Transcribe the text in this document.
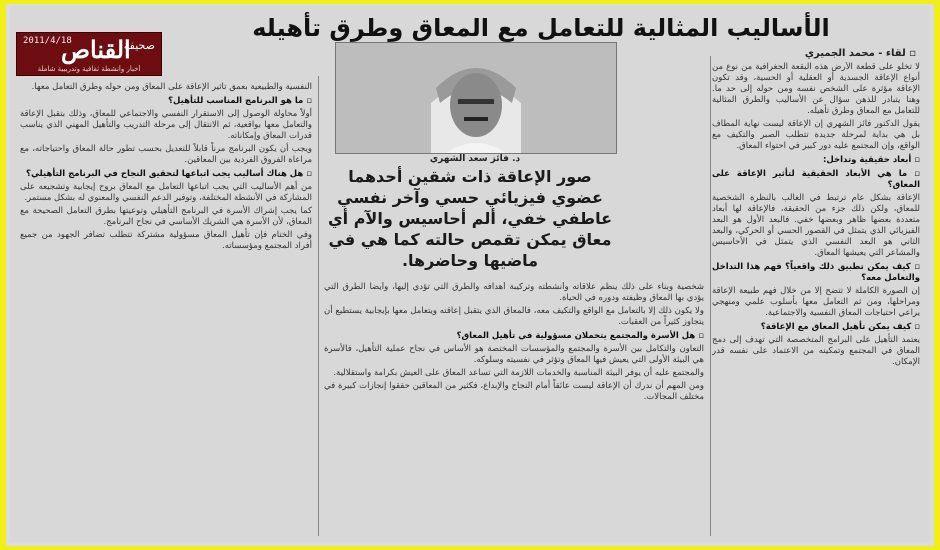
2011/4/18
القناص
صحيفة
أخبار وأنشطة ثقافية وتدريبية شاملة
الأساليب المثالية للتعامل مع المعاق وطرق تأهيله
▫ لقاء - محمد الجميري

لا تخلو على قطعة الأرض هذه البقعة الجغرافية من نوع من أنواع الإعاقة الجسدية أو العقلية أو الحسية، وقد تكون الإعاقة مؤثرة على الشخص نفسه ومن حوله إلى حد ما. وهنا يتبادر للذهن سؤال عن الأساليب والطرق المثالية للتعامل مع المعاق وطرق تأهيله.

يقول الدكتور فائز الشهري إن الإعاقة ليست نهاية المطاف بل هي بداية لمرحلة جديدة تتطلب الصبر والتكيف مع الواقع، وإن المجتمع عليه دور كبير في احتواء المعاق.

▫ أبعاد حقيقية وتداخل:

▫ ما هي الأبعاد الحقيقية لتأثير الإعاقة على المعاق؟

الإعاقة بشكل عام ترتبط في الغالب بالنظرة الشخصية للمعاق، ولكن ذلك جزء من الحقيقة، فالإعاقة لها أبعاد متعددة بعضها ظاهر وبعضها خفي. فالبعد الأول هو البعد الفيزيائي الذي يتمثل في القصور الحسي أو الحركي، والبعد الثاني هو البعد النفسي الذي يتمثل في الأحاسيس والمشاعر التي يعيشها المعاق.

▫ كيف يمكن تطبيق ذلك واقعياً؟ فهم هذا التداخل والتعامل معه؟

إن الصورة الكاملة لا تتضح إلا من خلال فهم طبيعة الإعاقة ومراحلها، ومن ثم التعامل معها بأسلوب علمي ومنهجي يراعي احتياجات المعاق النفسية والاجتماعية.

▫ كيف يمكن تأهيل المعاق مع الإعاقة؟

يعتمد التأهيل على البرامج المتخصصة التي تهدف إلى دمج المعاق في المجتمع وتمكينه من الاعتماد على نفسه قدر الإمكان.

د. فائز سعد الشهري
صور الإعاقة ذات شقين أحدهما عضوي فيزيائي حسي وآخر نفسي عاطفي خفي، ألم أحاسيس والآم أي معاق يمكن تقمص حالته كما هي في ماضيها وحاضرها.

شخصية وبناء على ذلك ينظم علاقاته وأنشطته وتركيبة أهدافه والطرق التي تؤدي إليها، وأيضاً الطرق التي يؤدي بها المعاق وظيفته ودوره في الحياة.

ولا يكون ذلك إلا بالتعامل مع الواقع والتكيف معه، فالمعاق الذي يتقبل إعاقته ويتعامل معها بإيجابية يستطيع أن يتجاوز كثيراً من العقبات.

▫ هل الأسرة والمجتمع يتحملان مسؤولية في تأهيل المعاق؟

التعاون والتكامل بين الأسرة والمجتمع والمؤسسات المختصة هو الأساس في نجاح عملية التأهيل، فالأسرة هي البيئة الأولى التي يعيش فيها المعاق وتؤثر في نفسيته وسلوكه.

والمجتمع عليه أن يوفر البيئة المناسبة والخدمات اللازمة التي تساعد المعاق على العيش بكرامة واستقلالية.

ومن المهم أن ندرك أن الإعاقة ليست عائقاً أمام النجاح والإبداع، فكثير من المعاقين حققوا إنجازات كبيرة في مختلف المجالات.

النفسية والطبيعية بعمق تأثير الإعاقة على المعاق ومن حوله وطرق التعامل معها.

▫ ما هو البرنامج المناسب للتأهيل؟

أولاً محاولة الوصول إلى الاستقرار النفسي والاجتماعي للمعاق، وذلك بتقبل الإعاقة والتعامل معها بواقعية، ثم الانتقال إلى مرحلة التدريب والتأهيل المهني الذي يناسب قدرات المعاق وإمكاناته.

ويجب أن يكون البرنامج مرناً قابلاً للتعديل بحسب تطور حالة المعاق واحتياجاته، مع مراعاة الفروق الفردية بين المعاقين.

▫ هل هناك أساليب يجب اتباعها لتحقيق النجاح في البرنامج التأهيلي؟

من أهم الأساليب التي يجب اتباعها التعامل مع المعاق بروح إيجابية وتشجيعه على المشاركة في الأنشطة المختلفة، وتوفير الدعم النفسي والمعنوي له بشكل مستمر.

كما يجب إشراك الأسرة في البرنامج التأهيلي وتوعيتها بطرق التعامل الصحيحة مع المعاق، لأن الأسرة هي الشريك الأساسي في نجاح البرنامج.

وفي الختام فإن تأهيل المعاق مسؤولية مشتركة تتطلب تضافر الجهود من جميع أفراد المجتمع ومؤسساته.
